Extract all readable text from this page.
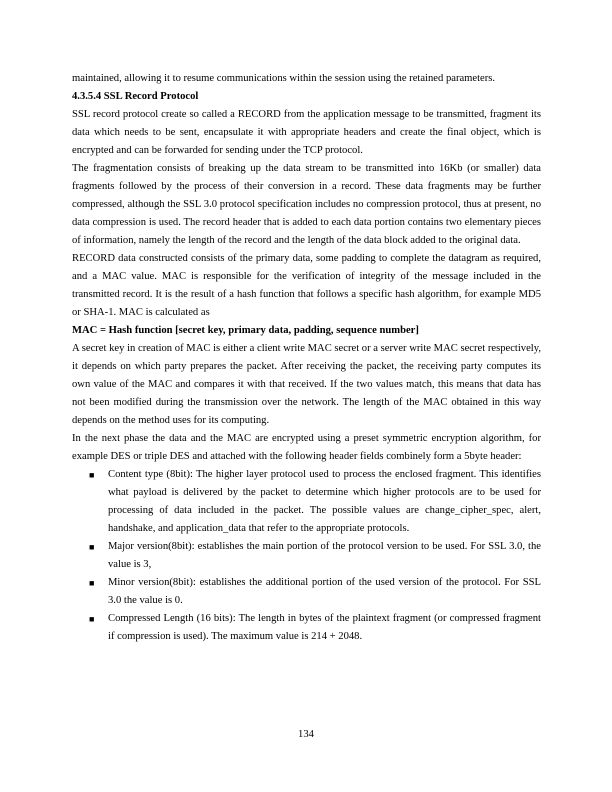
maintained, allowing it to resume communications within the session using the retained parameters.

4.3.5.4 SSL Record Protocol

SSL record protocol create so called a RECORD from the application message to be transmitted, fragment its data which needs to be sent, encapsulate it with appropriate headers and create the final object, which is encrypted and can be forwarded for sending under the TCP protocol.

The fragmentation consists of breaking up the data stream to be transmitted into 16Kb (or smaller) data fragments followed by the process of their conversion in a record. These data fragments may be further compressed, although the SSL 3.0 protocol specification includes no compression protocol, thus at present, no data compression is used. The record header that is added to each data portion contains two elementary pieces of information, namely the length of the record and the length of the data block added to the original data.

RECORD data constructed consists of the primary data, some padding to complete the datagram as required, and a MAC value. MAC is responsible for the verification of integrity of the message included in the transmitted record. It is the result of a hash function that follows a specific hash algorithm, for example MD5 or SHA-1. MAC is calculated as

MAC = Hash function [secret key, primary data, padding, sequence number]

A secret key in creation of MAC is either a client write MAC secret or a server write MAC secret respectively, it depends on which party prepares the packet. After receiving the packet, the receiving party computes its own value of the MAC and compares it with that received. If the two values match, this means that data has not been modified during the transmission over the network. The length of the MAC obtained in this way depends on the method uses for its computing.

In the next phase the data and the MAC are encrypted using a preset symmetric encryption algorithm, for example DES or triple DES and attached with the following header fields combinely form a 5byte header:

■ Content type (8bit): The higher layer protocol used to process the enclosed fragment. This identifies what payload is delivered by the packet to determine which higher protocols are to be used for processing of data included in the packet. The possible values are change_cipher_spec, alert, handshake, and application_data that refer to the appropriate protocols.
■ Major version(8bit): establishes the main portion of the protocol version to be used. For SSL 3.0, the value is 3,
■ Minor version(8bit): establishes the additional portion of the used version of the protocol. For SSL 3.0 the value is 0.
■ Compressed Length (16 bits): The length in bytes of the plaintext fragment (or compressed fragment if compression is used). The maximum value is 214 + 2048.
134
